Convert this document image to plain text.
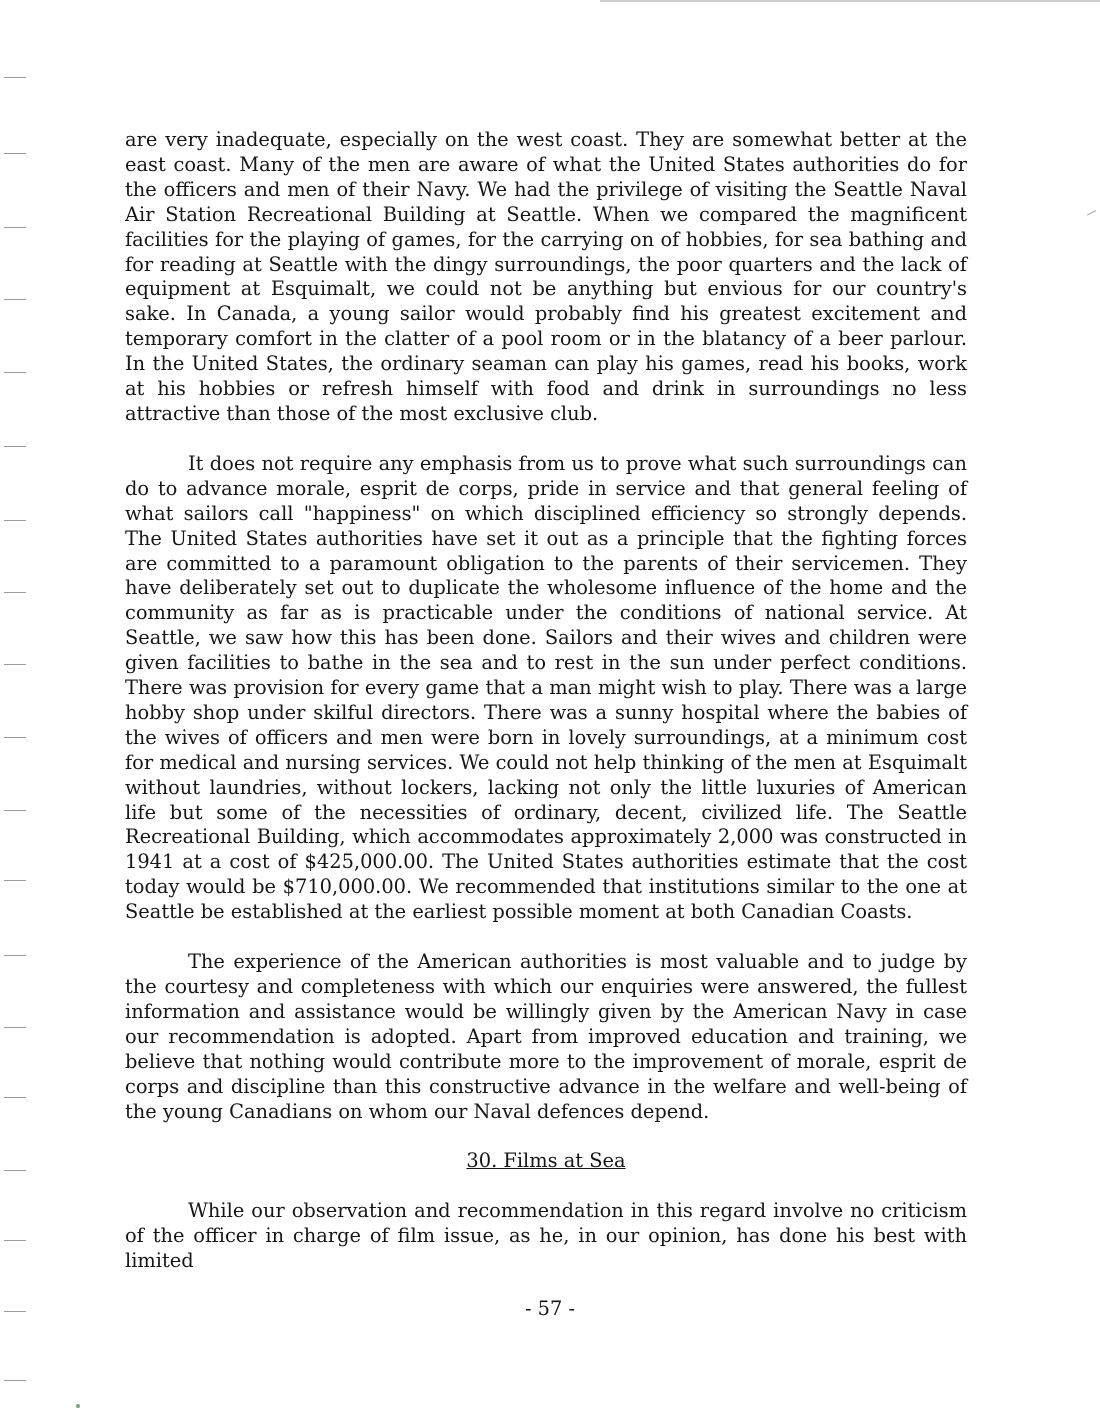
are very inadequate, especially on the west coast. They are somewhat better at the east coast. Many of the men are aware of what the United States authorities do for the officers and men of their Navy. We had the privilege of visiting the Seattle Naval Air Station Recreational Building at Seattle. When we compared the magnificent facilities for the playing of games, for the carrying on of hobbies, for sea bathing and for reading at Seattle with the dingy surroundings, the poor quarters and the lack of equipment at Esquimalt, we could not be anything but envious for our country's sake. In Canada, a young sailor would probably find his greatest excitement and temporary comfort in the clatter of a pool room or in the blatancy of a beer parlour. In the United States, the ordinary seaman can play his games, read his books, work at his hobbies or refresh himself with food and drink in surroundings no less attractive than those of the most exclusive club.

It does not require any emphasis from us to prove what such surroundings can do to advance morale, esprit de corps, pride in service and that general feeling of what sailors call "happiness" on which disciplined efficiency so strongly depends. The United States authorities have set it out as a principle that the fighting forces are committed to a paramount obligation to the parents of their servicemen. They have deliberately set out to duplicate the wholesome influence of the home and the community as far as is practicable under the conditions of national service. At Seattle, we saw how this has been done. Sailors and their wives and children were given facilities to bathe in the sea and to rest in the sun under perfect conditions. There was provision for every game that a man might wish to play. There was a large hobby shop under skilful directors. There was a sunny hospital where the babies of the wives of officers and men were born in lovely surroundings, at a minimum cost for medical and nursing services. We could not help thinking of the men at Esquimalt without laundries, without lockers, lacking not only the little luxuries of American life but some of the necessities of ordinary, decent, civilized life. The Seattle Recreational Building, which accommodates approximately 2,000 was constructed in 1941 at a cost of $425,000.00. The United States authorities estimate that the cost today would be $710,000.00. We recommended that institutions similar to the one at Seattle be established at the earliest possible moment at both Canadian Coasts.

The experience of the American authorities is most valuable and to judge by the courtesy and completeness with which our enquiries were answered, the fullest information and assistance would be willingly given by the American Navy in case our recommendation is adopted. Apart from improved education and training, we believe that nothing would contribute more to the improvement of morale, esprit de corps and discipline than this constructive advance in the welfare and well-being of the young Canadians on whom our Naval defences depend.

30. Films at Sea

While our observation and recommendation in this regard involve no criticism of the officer in charge of film issue, as he, in our opinion, has done his best with limited

- 57 -
